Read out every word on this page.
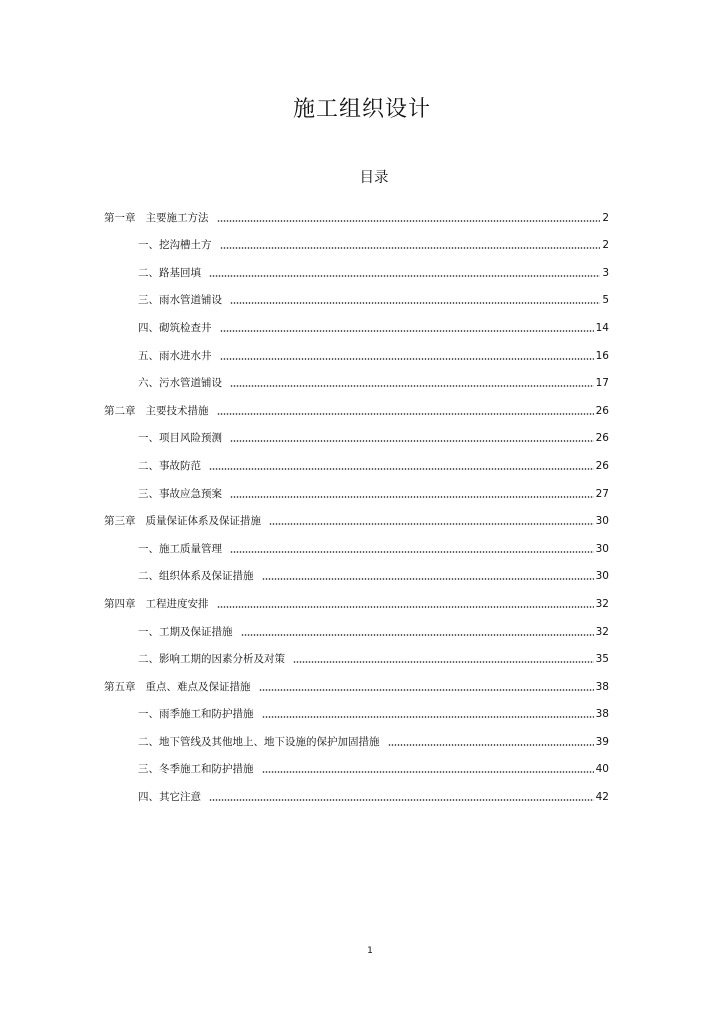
施工组织设计
目录
第一章 主要施工方法	2
一、挖沟槽土方	2
二、路基回填	3
三、雨水管道铺设	5
四、砌筑检查井	14
五、雨水进水井	16
六、污水管道铺设	17
第二章 主要技术措施	26
一、项目风险预测	26
二、事故防范	26
三、事故应急预案	27
第三章 质量保证体系及保证措施	30
一、施工质量管理	30
二、组织体系及保证措施	30
第四章 工程进度安排	32
一、工期及保证措施	32
二、影响工期的因素分析及对策	35
第五章 重点、难点及保证措施	38
一、雨季施工和防护措施	38
二、地下管线及其他地上、地下设施的保护加固措施	39
三、冬季施工和防护措施	40
四、其它注意	42
1
